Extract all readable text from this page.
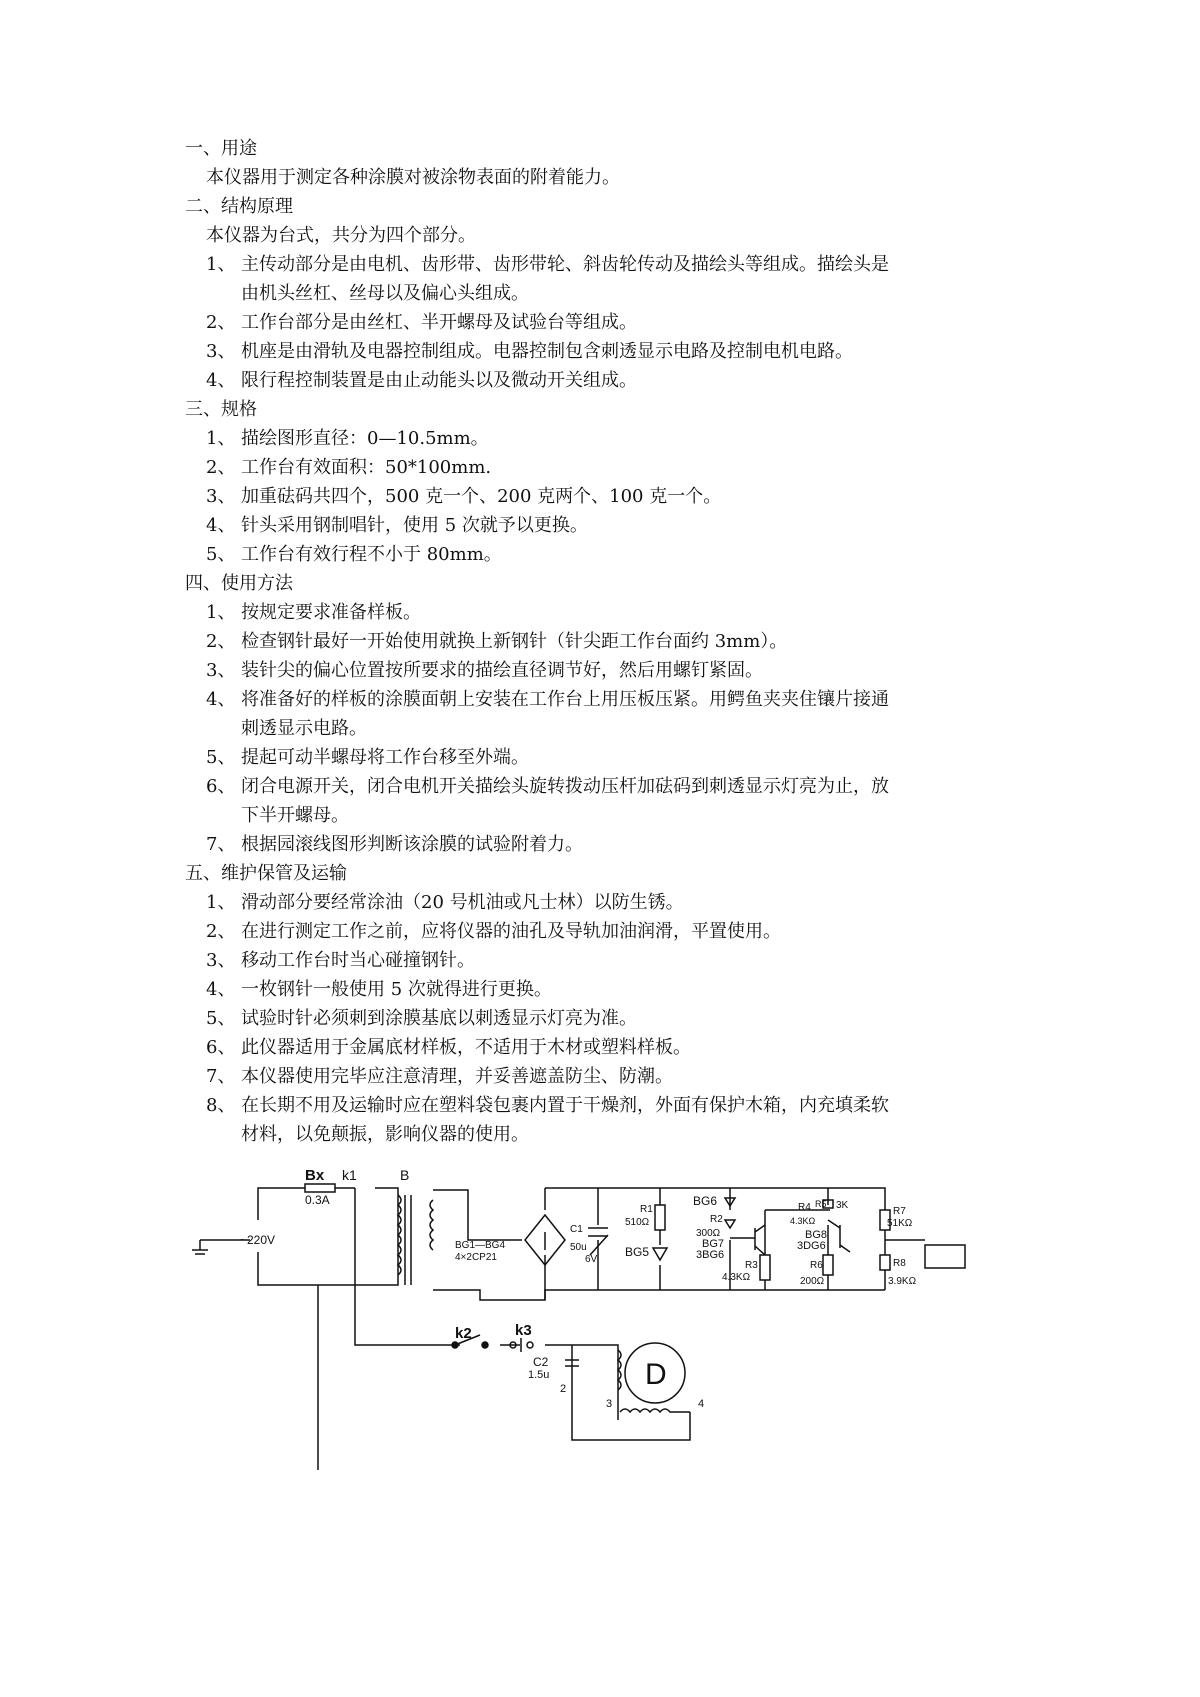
一、用途
本仪器用于测定各种涂膜对被涂物表面的附着能力。
二、结构原理
本仪器为台式，共分为四个部分。
1、 主传动部分是由电机、齿形带、齿形带轮、斜齿轮传动及描绘头等组成。描绘头是
由机头丝杠、丝母以及偏心头组成。
2、 工作台部分是由丝杠、半开螺母及试验台等组成。
3、 机座是由滑轨及电器控制组成。电器控制包含刺透显示电路及控制电机电路。
4、 限行程控制装置是由止动能头以及微动开关组成。
三、规格
1、 描绘图形直径：0—10.5mm。
2、 工作台有效面积：50*100mm.
3、 加重砝码共四个，500 克一个、200 克两个、100 克一个。
4、 针头采用钢制唱针，使用 5 次就予以更换。
5、 工作台有效行程不小于 80mm。
四、使用方法
1、 按规定要求准备样板。
2、 检查钢针最好一开始使用就换上新钢针（针尖距工作台面约 3mm）。
3、 装针尖的偏心位置按所要求的描绘直径调节好，然后用螺钉紧固。
4、 将准备好的样板的涂膜面朝上安装在工作台上用压板压紧。用鳄鱼夹夹住镶片接通
刺透显示电路。
5、 提起可动半螺母将工作台移至外端。
6、 闭合电源开关，闭合电机开关描绘头旋转拨动压杆加砝码到刺透显示灯亮为止，放
下半开螺母。
7、 根据园滚线图形判断该涂膜的试验附着力。
五、维护保管及运输
1、 滑动部分要经常涂油（20 号机油或凡士林）以防生锈。
2、 在进行测定工作之前，应将仪器的油孔及导轨加油润滑，平置使用。
3、 移动工作台时当心碰撞钢针。
4、 一枚钢针一般使用 5 次就得进行更换。
5、 试验时针必须刺到涂膜基底以刺透显示灯亮为准。
6、 此仪器适用于金属底材样板，不适用于木材或塑料样板。
7、 本仪器使用完毕应注意清理，并妥善遮盖防尘、防潮。
8、 在长期不用及运输时应在塑料袋包裹内置于干燥剂，外面有保护木箱，内充填柔软
材料，以免颠振，影响仪器的使用。
Bx
0.3A
k1	B
~220V	BG1—BG4
4×2CP21
C1
50u
6V
R1
510Ω
BG5
BG6
R2
300Ω
BG7
3BG6
R3
4.3KΩ
R4
4.3KΩ
R5 3K
BG8
3DG6
R6
200Ω
R7
51KΩ
R8
3.9KΩ
k2	k3
C2
1.5u
2
3	4
D
